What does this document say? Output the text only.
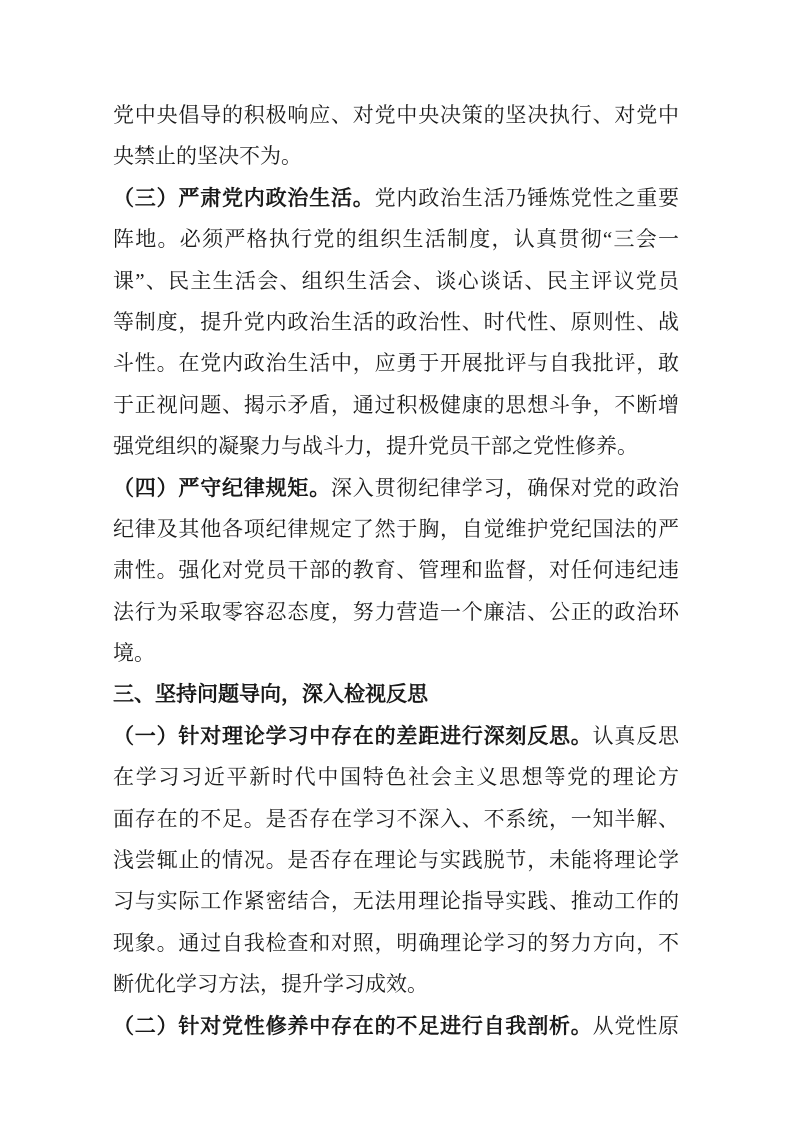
党中央倡导的积极响应、对党中央决策的坚决执行、对党中
央禁止的坚决不为。
（三）严肃党内政治生活。党内政治生活乃锤炼党性之重要
阵地。必须严格执行党的组织生活制度，认真贯彻“三会一
课”、民主生活会、组织生活会、谈心谈话、民主评议党员
等制度，提升党内政治生活的政治性、时代性、原则性、战
斗性。在党内政治生活中，应勇于开展批评与自我批评，敢
于正视问题、揭示矛盾，通过积极健康的思想斗争，不断增
强党组织的凝聚力与战斗力，提升党员干部之党性修养。
（四）严守纪律规矩。深入贯彻纪律学习，确保对党的政治
纪律及其他各项纪律规定了然于胸，自觉维护党纪国法的严
肃性。强化对党员干部的教育、管理和监督，对任何违纪违
法行为采取零容忍态度，努力营造一个廉洁、公正的政治环
境。
三、坚持问题导向，深入检视反思
（一）针对理论学习中存在的差距进行深刻反思。认真反思
在学习习近平新时代中国特色社会主义思想等党的理论方
面存在的不足。是否存在学习不深入、不系统，一知半解、
浅尝辄止的情况。是否存在理论与实践脱节，未能将理论学
习与实际工作紧密结合，无法用理论指导实践、推动工作的
现象。通过自我检查和对照，明确理论学习的努力方向，不
断优化学习方法，提升学习成效。
（二）针对党性修养中存在的不足进行自我剖析。从党性原
